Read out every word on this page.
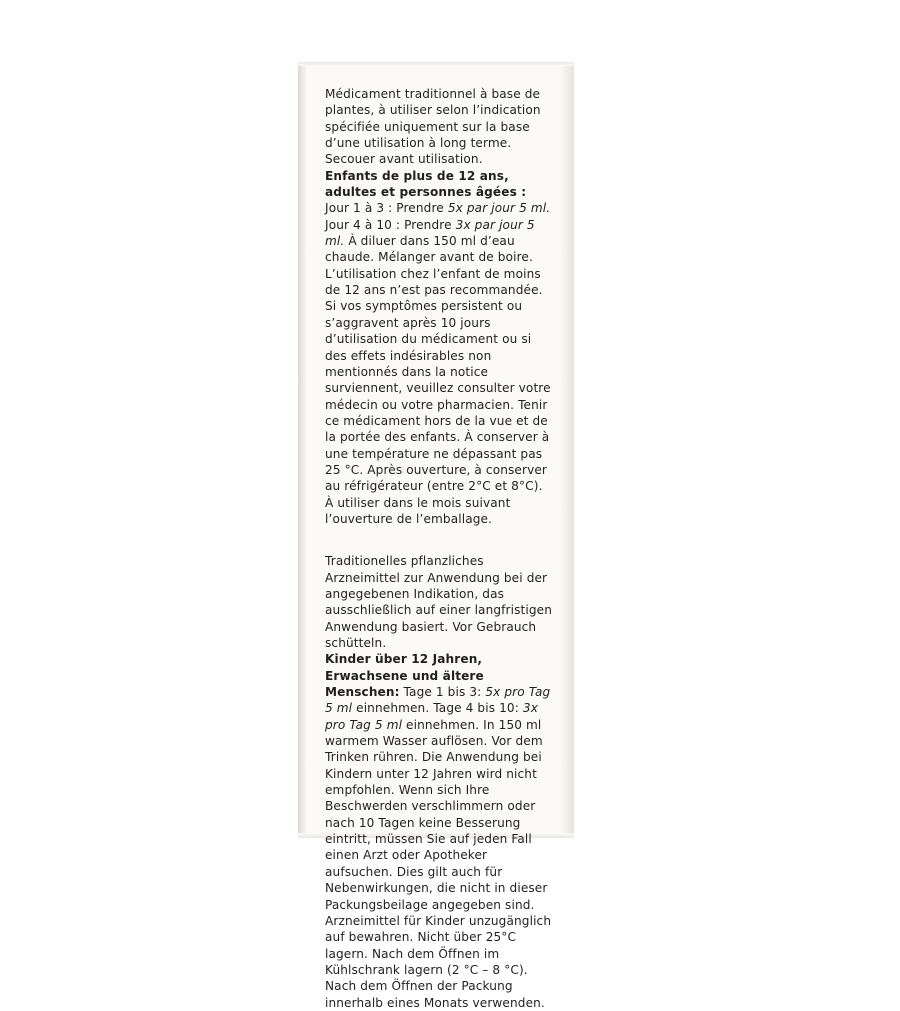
Médicament traditionnel à base de plantes, à utiliser selon l’indication spécifiée uniquement sur la base d’une utilisation à long terme. Secouer avant utilisation.

Enfants de plus de 12 ans, adultes et personnes âgées : Jour 1 à 3 : Prendre 5x par jour 5 ml. Jour 4 à 10 : Prendre 3x par jour 5 ml. À diluer dans 150 ml d’eau chaude. Mélanger avant de boire. L’utilisation chez l’enfant de moins de 12 ans n’est pas recommandée. Si vos symptômes persistent ou s’aggravent après 10 jours d’utilisation du médicament ou si des effets indésirables non mentionnés dans la notice surviennent, veuillez consulter votre médecin ou votre pharmacien. Tenir ce médicament hors de la vue et de la portée des enfants. À conserver à une température ne dépassant pas 25 °C. Après ouverture, à conserver au réfrigérateur (entre 2°C et 8°C). À utiliser dans le mois suivant l’ouverture de l’emballage.

Traditionelles pflanzliches Arzneimittel zur Anwendung bei der angegebenen Indikation, das ausschließlich auf einer langfristigen Anwendung basiert. Vor Gebrauch schütteln.

Kinder über 12 Jahren, Erwachsene und ältere Menschen: Tage 1 bis 3: 5x pro Tag 5 ml einnehmen. Tage 4 bis 10: 3x pro Tag 5 ml einnehmen. In 150 ml warmem Wasser auflösen. Vor dem Trinken rühren. Die Anwendung bei Kindern unter 12 Jahren wird nicht empfohlen. Wenn sich Ihre Beschwerden verschlimmern oder nach 10 Tagen keine Besserung eintritt, müssen Sie auf jeden Fall einen Arzt oder Apotheker aufsuchen. Dies gilt auch für Nebenwirkungen, die nicht in dieser Packungsbeilage angegeben sind. Arzneimittel für Kinder unzugänglich auf bewahren. Nicht über 25°C lagern. Nach dem Öffnen im Kühlschrank lagern (2 °C – 8 °C). Nach dem Öffnen der Packung innerhalb eines Monats verwenden.
